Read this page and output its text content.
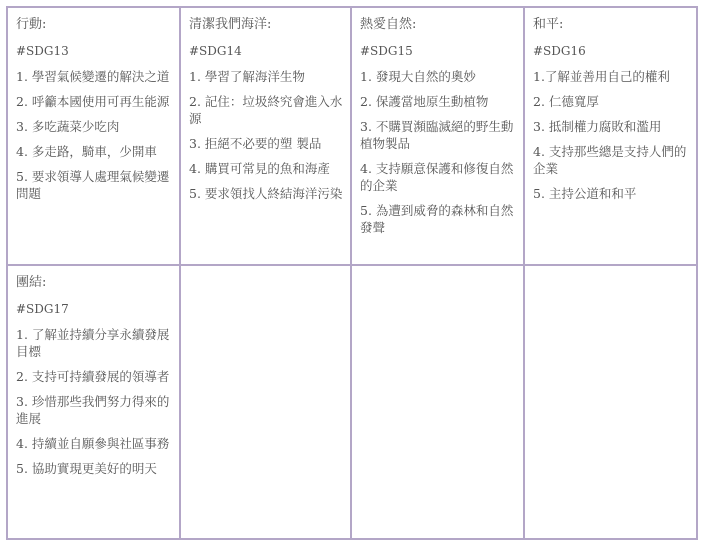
行動:
#SDG13
1. 學習氣候變遷的解決之道
2. 呼籲本國使用可再生能源
3. 多吃蔬菜少吃肉
4. 多走路，騎車，少開車
5. 要求領導人處理氣候變遷問題
清潔我們海洋:
#SDG14
1. 學習了解海洋生物
2. 記住：垃圾終究會進入水源
3. 拒絕不必要的塑 製品
4. 購買可常見的魚和海產
5. 要求領找人終結海洋污染
熱愛自然:
#SDG15
1. 發現大自然的奧妙
2. 保護當地原生動植物
3. 不購買瀕臨滅絕的野生動植物製品
4. 支持願意保護和修復自然的企業
5. 為遭到威脅的森林和自然發聲
和平:
#SDG16
1.了解並善用自己的權利
2. 仁德寬厚
3. 抵制權力腐敗和濫用
4. 支持那些總是支持人們的企業
5. 主持公道和和平
團結:
#SDG17
1. 了解並持續分享永續發展目標
2. 支持可持續發展的領導者
3. 珍惜那些我們努力得來的進展
4. 持續並自願參與社區事務
5. 協助實現更美好的明天
